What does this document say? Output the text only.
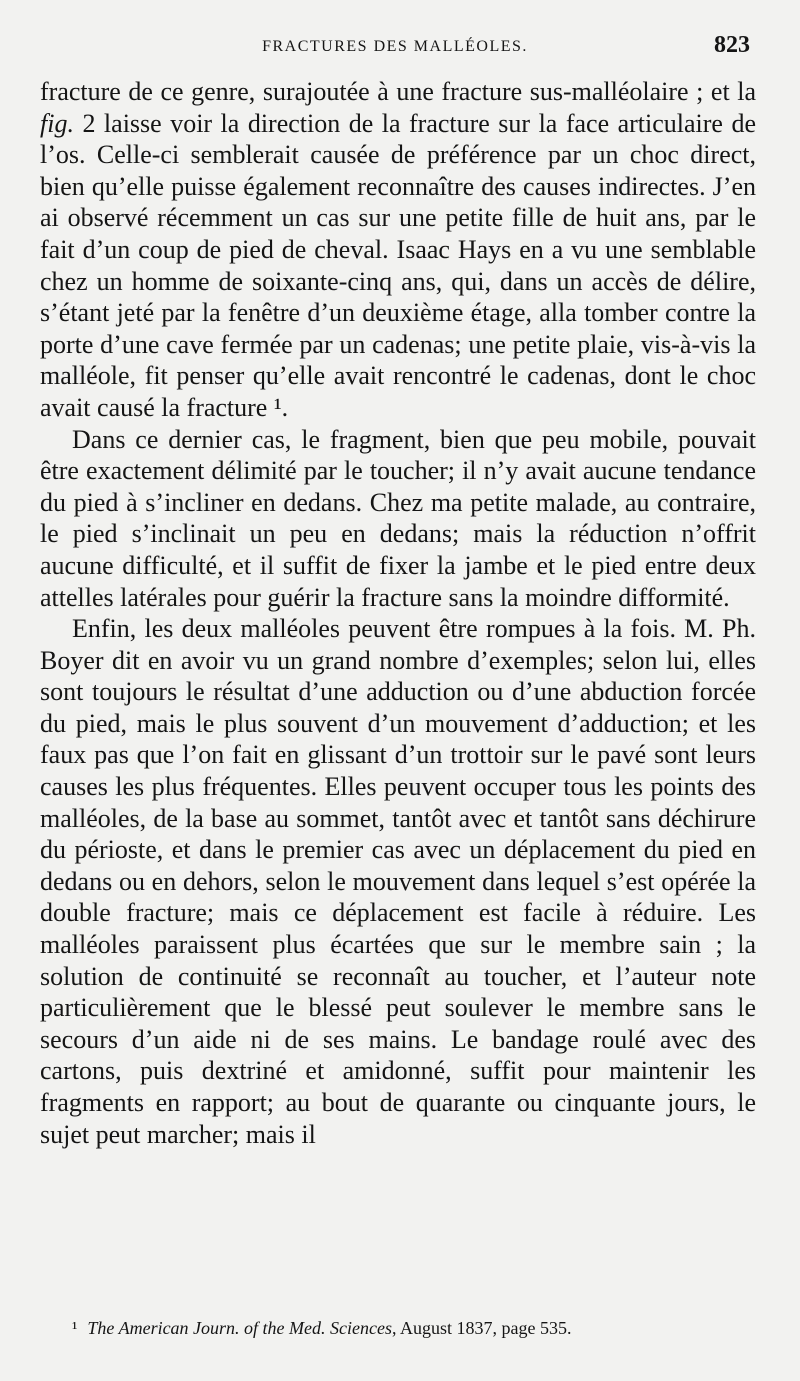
FRACTURES DES MALLÉOLES.	823

fracture de ce genre, surajoutée à une fracture sus-malléolaire ; et la fig. 2 laisse voir la direction de la fracture sur la face articulaire de l’os. Celle-ci semblerait causée de préférence par un choc direct, bien qu’elle puisse également reconnaître des causes indirectes. J’en ai observé récemment un cas sur une petite fille de huit ans, par le fait d’un coup de pied de cheval. Isaac Hays en a vu une semblable chez un homme de soixante-cinq ans, qui, dans un accès de délire, s’étant jeté par la fenêtre d’un deuxième étage, alla tomber contre la porte d’une cave fermée par un cadenas; une petite plaie, vis-à-vis la malléole, fit penser qu’elle avait rencontré le cadenas, dont le choc avait causé la fracture ¹.

Dans ce dernier cas, le fragment, bien que peu mobile, pouvait être exactement délimité par le toucher; il n’y avait aucune tendance du pied à s’incliner en dedans. Chez ma petite malade, au contraire, le pied s’inclinait un peu en dedans; mais la réduction n’offrit aucune difficulté, et il suffit de fixer la jambe et le pied entre deux attelles latérales pour guérir la fracture sans la moindre difformité.

Enfin, les deux malléoles peuvent être rompues à la fois. M. Ph. Boyer dit en avoir vu un grand nombre d’exemples; selon lui, elles sont toujours le résultat d’une adduction ou d’une abduction forcée du pied, mais le plus souvent d’un mouvement d’adduction; et les faux pas que l’on fait en glissant d’un trottoir sur le pavé sont leurs causes les plus fréquentes. Elles peuvent occuper tous les points des malléoles, de la base au sommet, tantôt avec et tantôt sans déchirure du périoste, et dans le premier cas avec un déplacement du pied en dedans ou en dehors, selon le mouvement dans lequel s’est opérée la double fracture; mais ce déplacement est facile à réduire. Les malléoles paraissent plus écartées que sur le membre sain ; la solution de continuité se reconnaît au toucher, et l’auteur note particulièrement que le blessé peut soulever le membre sans le secours d’un aide ni de ses mains. Le bandage roulé avec des cartons, puis dextriné et amidonné, suffit pour maintenir les fragments en rapport; au bout de quarante ou cinquante jours, le sujet peut marcher; mais il

¹ The American Journ. of the Med. Sciences, August 1837, page 535.
